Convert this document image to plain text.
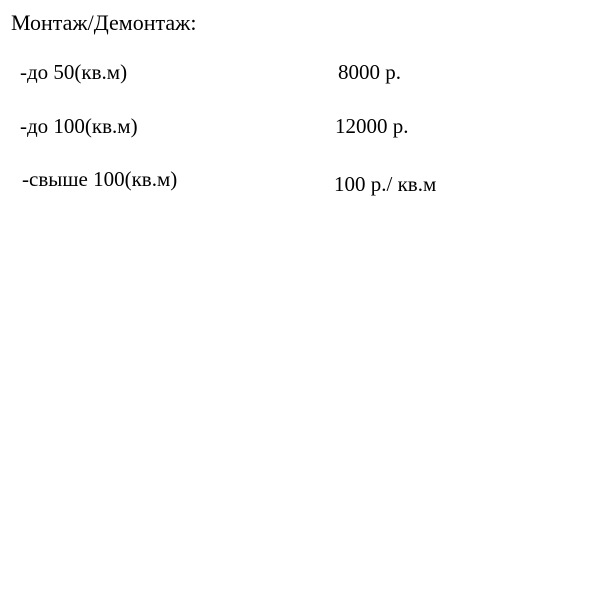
Монтаж/Демонтаж:
-до 50(кв.м)	8000 р.
-до 100(кв.м)	12000 р.
-свыше 100(кв.м)	100 р./ кв.м
